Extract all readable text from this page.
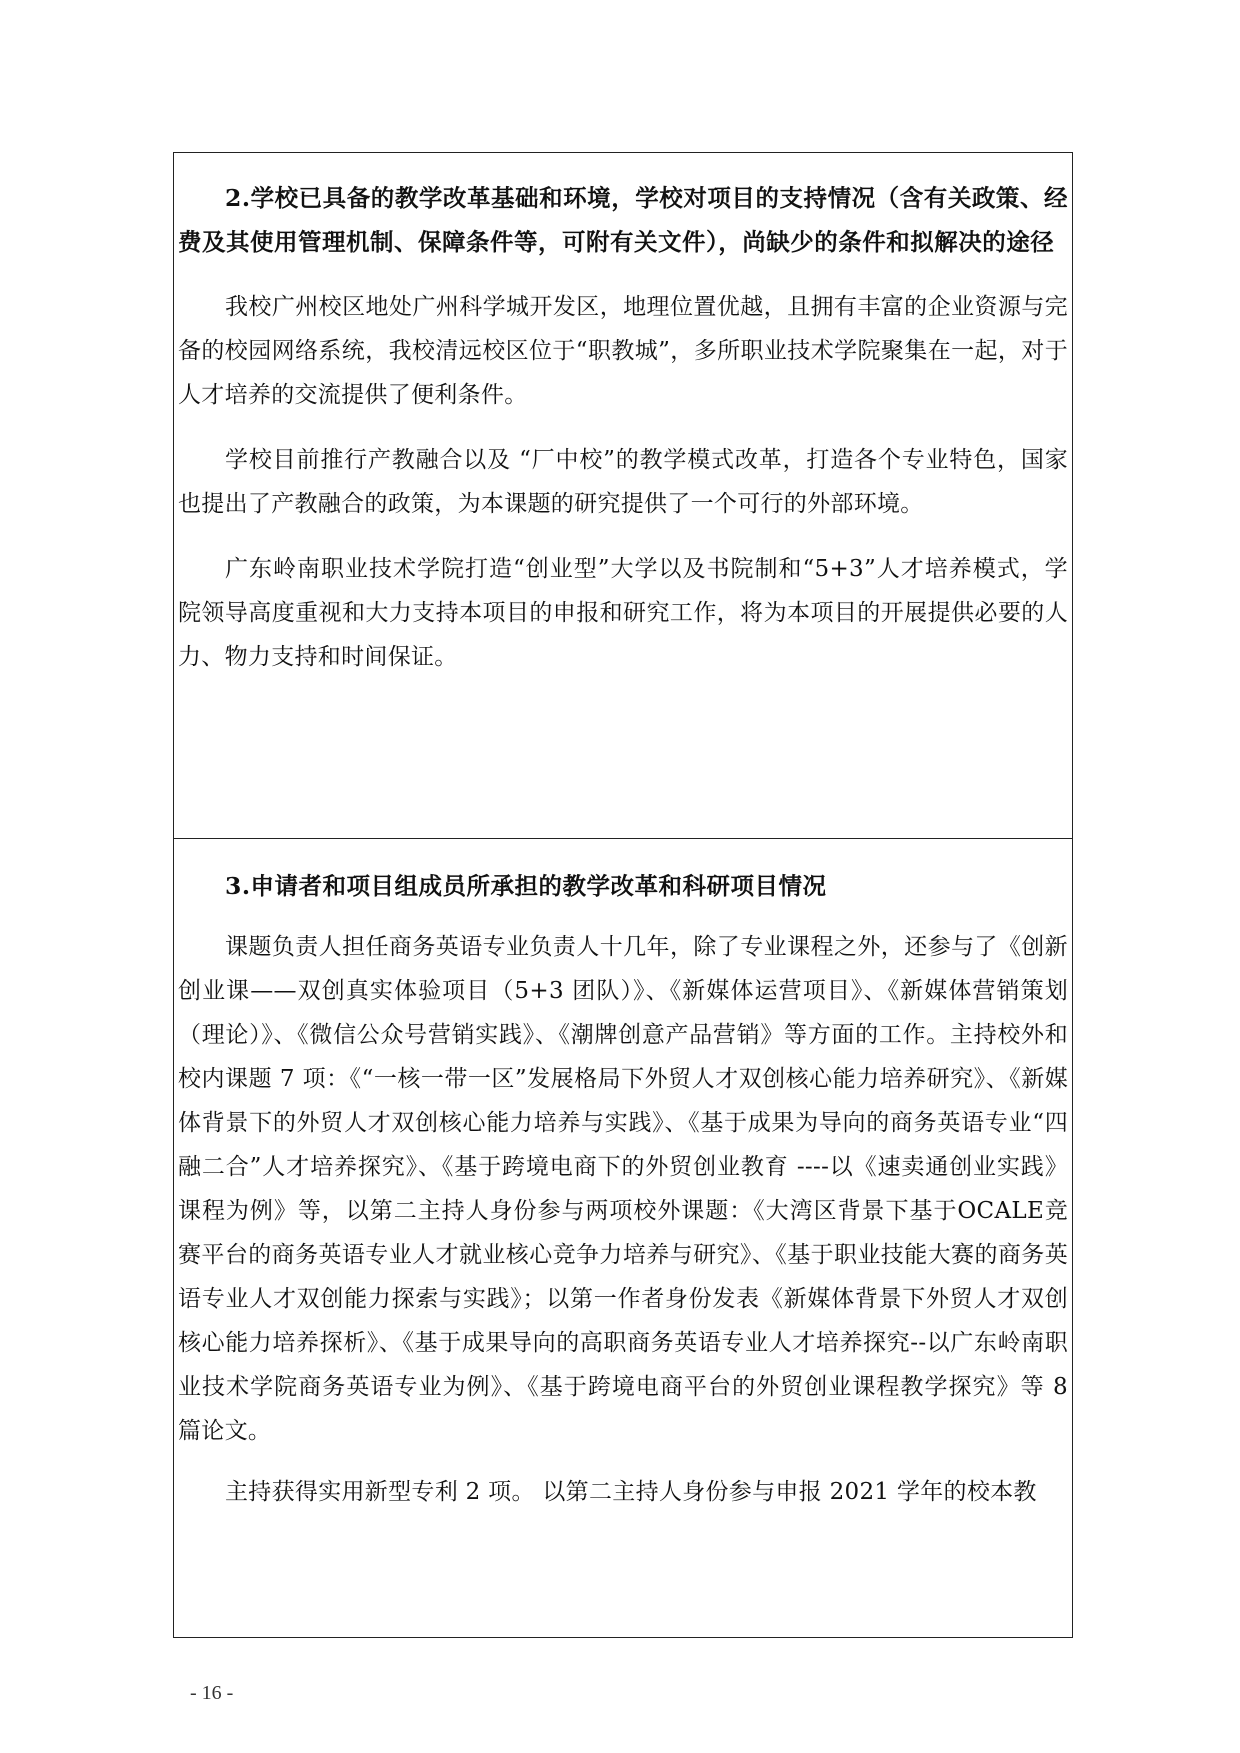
2.学校已具备的教学改革基础和环境，学校对项目的支持情况（含有关政策、经费及其使用管理机制、保障条件等，可附有关文件），尚缺少的条件和拟解决的途径

我校广州校区地处广州科学城开发区，地理位置优越，且拥有丰富的企业资源与完备的校园网络系统，我校清远校区位于“职教城”，多所职业技术学院聚集在一起，对于人才培养的交流提供了便利条件。

学校目前推行产教融合以及 “厂中校”的教学模式改革，打造各个专业特色，国家也提出了产教融合的政策，为本课题的研究提供了一个可行的外部环境。

广东岭南职业技术学院打造“创业型”大学以及书院制和“5+3”人才培养模式，学院领导高度重视和大力支持本项目的申报和研究工作，将为本项目的开展提供必要的人力、物力支持和时间保证。

3.申请者和项目组成员所承担的教学改革和科研项目情况

课题负责人担任商务英语专业负责人十几年，除了专业课程之外，还参与了《创新创业课——双创真实体验项目（5+3 团队）》、《新媒体运营项目》、《新媒体营销策划（理论）》、《微信公众号营销实践》、《潮牌创意产品营销》等方面的工作。主持校外和校内课题 7 项：《“一核一带一区”发展格局下外贸人才双创核心能力培养研究》、《新媒体背景下的外贸人才双创核心能力培养与实践》、《基于成果为导向的商务英语专业“四融二合”人才培养探究》、《基于跨境电商下的外贸创业教育 ----以《速卖通创业实践》课程为例》等，以第二主持人身份参与两项校外课题：《大湾区背景下基于OCALE竞赛平台的商务英语专业人才就业核心竞争力培养与研究》、《基于职业技能大赛的商务英语专业人才双创能力探索与实践》；以第一作者身份发表《新媒体背景下外贸人才双创核心能力培养探析》、《基于成果导向的高职商务英语专业人才培养探究--以广东岭南职业技术学院商务英语专业为例》、《基于跨境电商平台的外贸创业课程教学探究》等 8 篇论文。

主持获得实用新型专利 2 项。 以第二主持人身份参与申报 2021 学年的校本教

- 16 -
